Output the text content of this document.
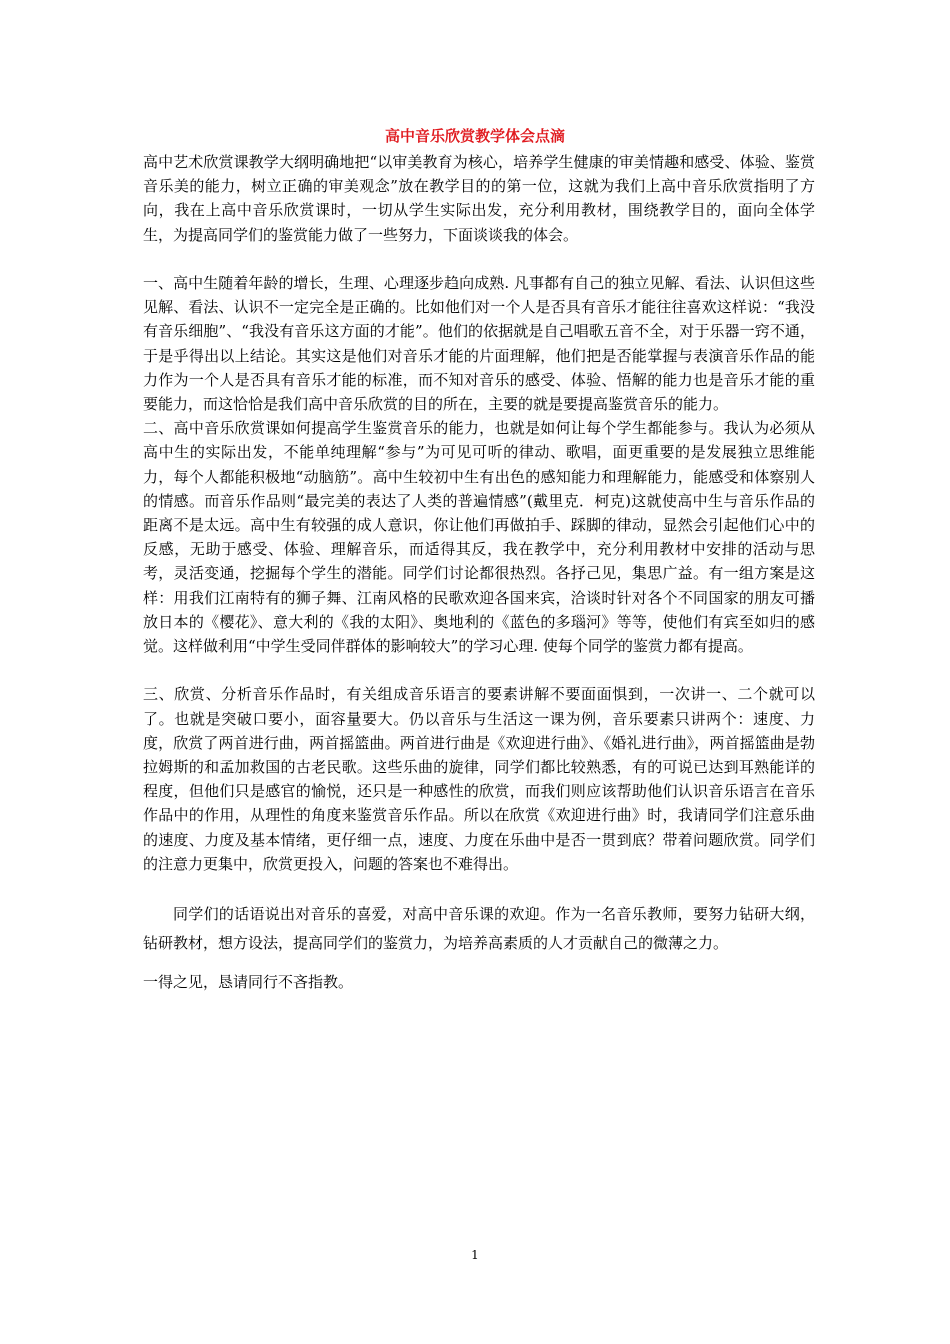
高中音乐欣赏教学体会点滴

高中艺术欣赏课教学大纲明确地把“以审美教育为核心，培养学生健康的审美情趣和感受、体验、鉴赏音乐美的能力，树立正确的审美观念”放在教学目的的第一位，这就为我们上高中音乐欣赏指明了方向，我在上高中音乐欣赏课时，一切从学生实际出发，充分利用教材，围绕教学目的，面向全体学生，为提高同学们的鉴赏能力做了一些努力，下面谈谈我的体会。

一、高中生随着年龄的增长，生理、心理逐步趋向成熟. 凡事都有自己的独立见解、看法、认识但这些见解、看法、认识不一定完全是正确的。比如他们对一个人是否具有音乐才能往往喜欢这样说：“我没有音乐细胞”、“我没有音乐这方面的才能”。他们的依据就是自己唱歌五音不全，对于乐器一窍不通，于是乎得出以上结论。其实这是他们对音乐才能的片面理解，他们把是否能掌握与表演音乐作品的能力作为一个人是否具有音乐才能的标准，而不知对音乐的感受、体验、悟解的能力也是音乐才能的重要能力，而这恰恰是我们高中音乐欣赏的目的所在，主要的就是要提高鉴赏音乐的能力。

二、高中音乐欣赏课如何提高学生鉴赏音乐的能力，也就是如何让每个学生都能参与。我认为必须从高中生的实际出发，不能单纯理解“参与”为可见可听的律动、歌唱，面更重要的是发展独立思维能力，每个人都能积极地“动脑筋”。高中生较初中生有出色的感知能力和理解能力，能感受和体察别人的情感。而音乐作品则“最完美的表达了人类的普遍情感”(戴里克．柯克)这就使高中生与音乐作品的距离不是太远。高中生有较强的成人意识，你让他们再做拍手、踩脚的律动，显然会引起他们心中的反感，无助于感受、体验、理解音乐，而适得其反，我在教学中，充分利用教材中安排的活动与思考，灵活变通，挖掘每个学生的潜能。同学们讨论都很热烈。各抒己见，集思广益。有一组方案是这样：用我们江南特有的狮子舞、江南风格的民歌欢迎各国来宾，洽谈时针对各个不同国家的朋友可播放日本的《樱花》、意大利的《我的太阳》、奥地利的《蓝色的多瑙河》等等，使他们有宾至如归的感觉。这样做利用“中学生受同伴群体的影响较大”的学习心理. 使每个同学的鉴赏力都有提高。

三、欣赏、分析音乐作品时，有关组成音乐语言的要素讲解不要面面惧到，一次讲一、二个就可以了。也就是突破口要小，面容量要大。仍以音乐与生活这一课为例，音乐要素只讲两个：速度、力度，欣赏了两首进行曲，两首摇篮曲。两首进行曲是《欢迎进行曲》、《婚礼进行曲》，两首摇篮曲是勃拉姆斯的和孟加救国的古老民歌。这些乐曲的旋律，同学们都比较熟悉，有的可说已达到耳熟能详的程度，但他们只是感官的愉悦，还只是一种感性的欣赏，而我们则应该帮助他们认识音乐语言在音乐作品中的作用，从理性的角度来鉴赏音乐作品。所以在欣赏《欢迎进行曲》时，我请同学们注意乐曲的速度、力度及基本情绪，更仔细一点，速度、力度在乐曲中是否一贯到底？带着问题欣赏。同学们的注意力更集中，欣赏更投入，问题的答案也不难得出。

同学们的话语说出对音乐的喜爱，对高中音乐课的欢迎。作为一名音乐教师，要努力钻研大纲，钻研教材，想方设法，提高同学们的鉴赏力，为培养高素质的人才贡献自己的微薄之力。

一得之见，恳请同行不吝指教。

1
